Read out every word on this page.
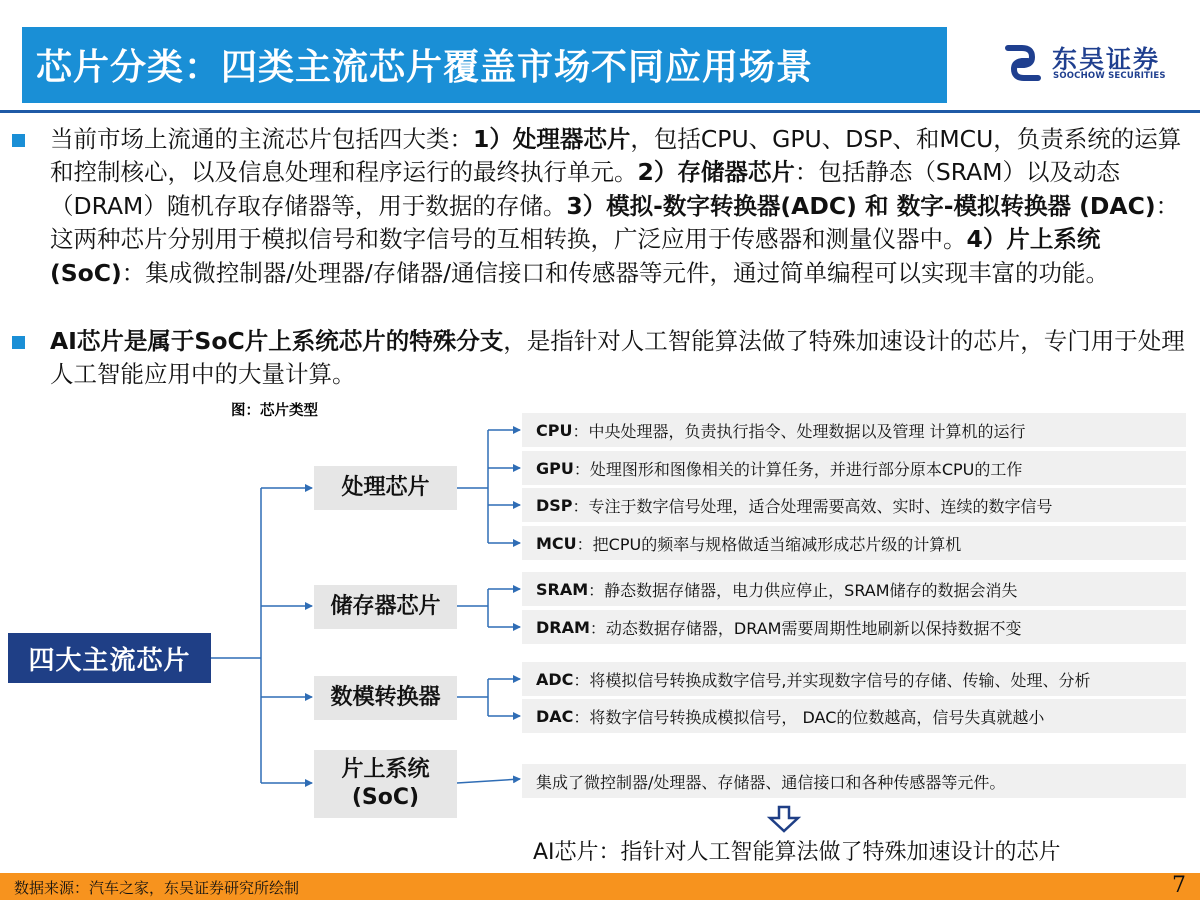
芯片分类：四类主流芯片覆盖市场不同应用场景	东吴证券
SOOCHOW SECURITIES
当前市场上流通的主流芯片包括四大类：1）处理器芯片，包括CPU、GPU、DSP、和MCU，负责系统的运算和控制核心，以及信息处理和程序运行的最终执行单元。2）存储器芯片：包括静态（SRAM）以及动态（DRAM）随机存取存储器等，用于数据的存储。3）模拟-数字转换器(ADC) 和 数字-模拟转换器 (DAC)：这两种芯片分别用于模拟信号和数字信号的互相转换，广泛应用于传感器和测量仪器中。4）片上系统(SoC)：集成微控制器/处理器/存储器/通信接口和传感器等元件，通过简单编程可以实现丰富的功能。
AI芯片是属于SoC片上系统芯片的特殊分支，是指针对人工智能算法做了特殊加速设计的芯片，专门用于处理人工智能应用中的大量计算。
图：芯片类型
四大主流芯片
处理芯片
储存器芯片
数模转换器
片上系统
(SoC)
CPU ：中央处理器，负责执行指令、处理数据以及管理 计算机的运行
GPU ：处理图形和图像相关的计算任务，并进行部分原本CPU的工作
DSP ：专注于数字信号处理，适合处理需要高效、实时、连续的数字信号
MCU ：把CPU的频率与规格做适当缩减形成芯片级的计算机
SRAM ：静态数据存储器，电力供应停止，SRAM储存的数据会消失
DRAM ：动态数据存储器，DRAM需要周期性地刷新以保持数据不变
ADC ：将模拟信号转换成数字信号,并实现数字信号的存储、传输、处理、分析
DAC ：将数字信号转换成模拟信号， DAC的位数越高，信号失真就越小
集成了微控制器/处理器、存储器、通信接口和各种传感器等元件。
AI芯片：指针对人工智能算法做了特殊加速设计的芯片
数据来源：汽车之家，东吴证券研究所绘制	7
